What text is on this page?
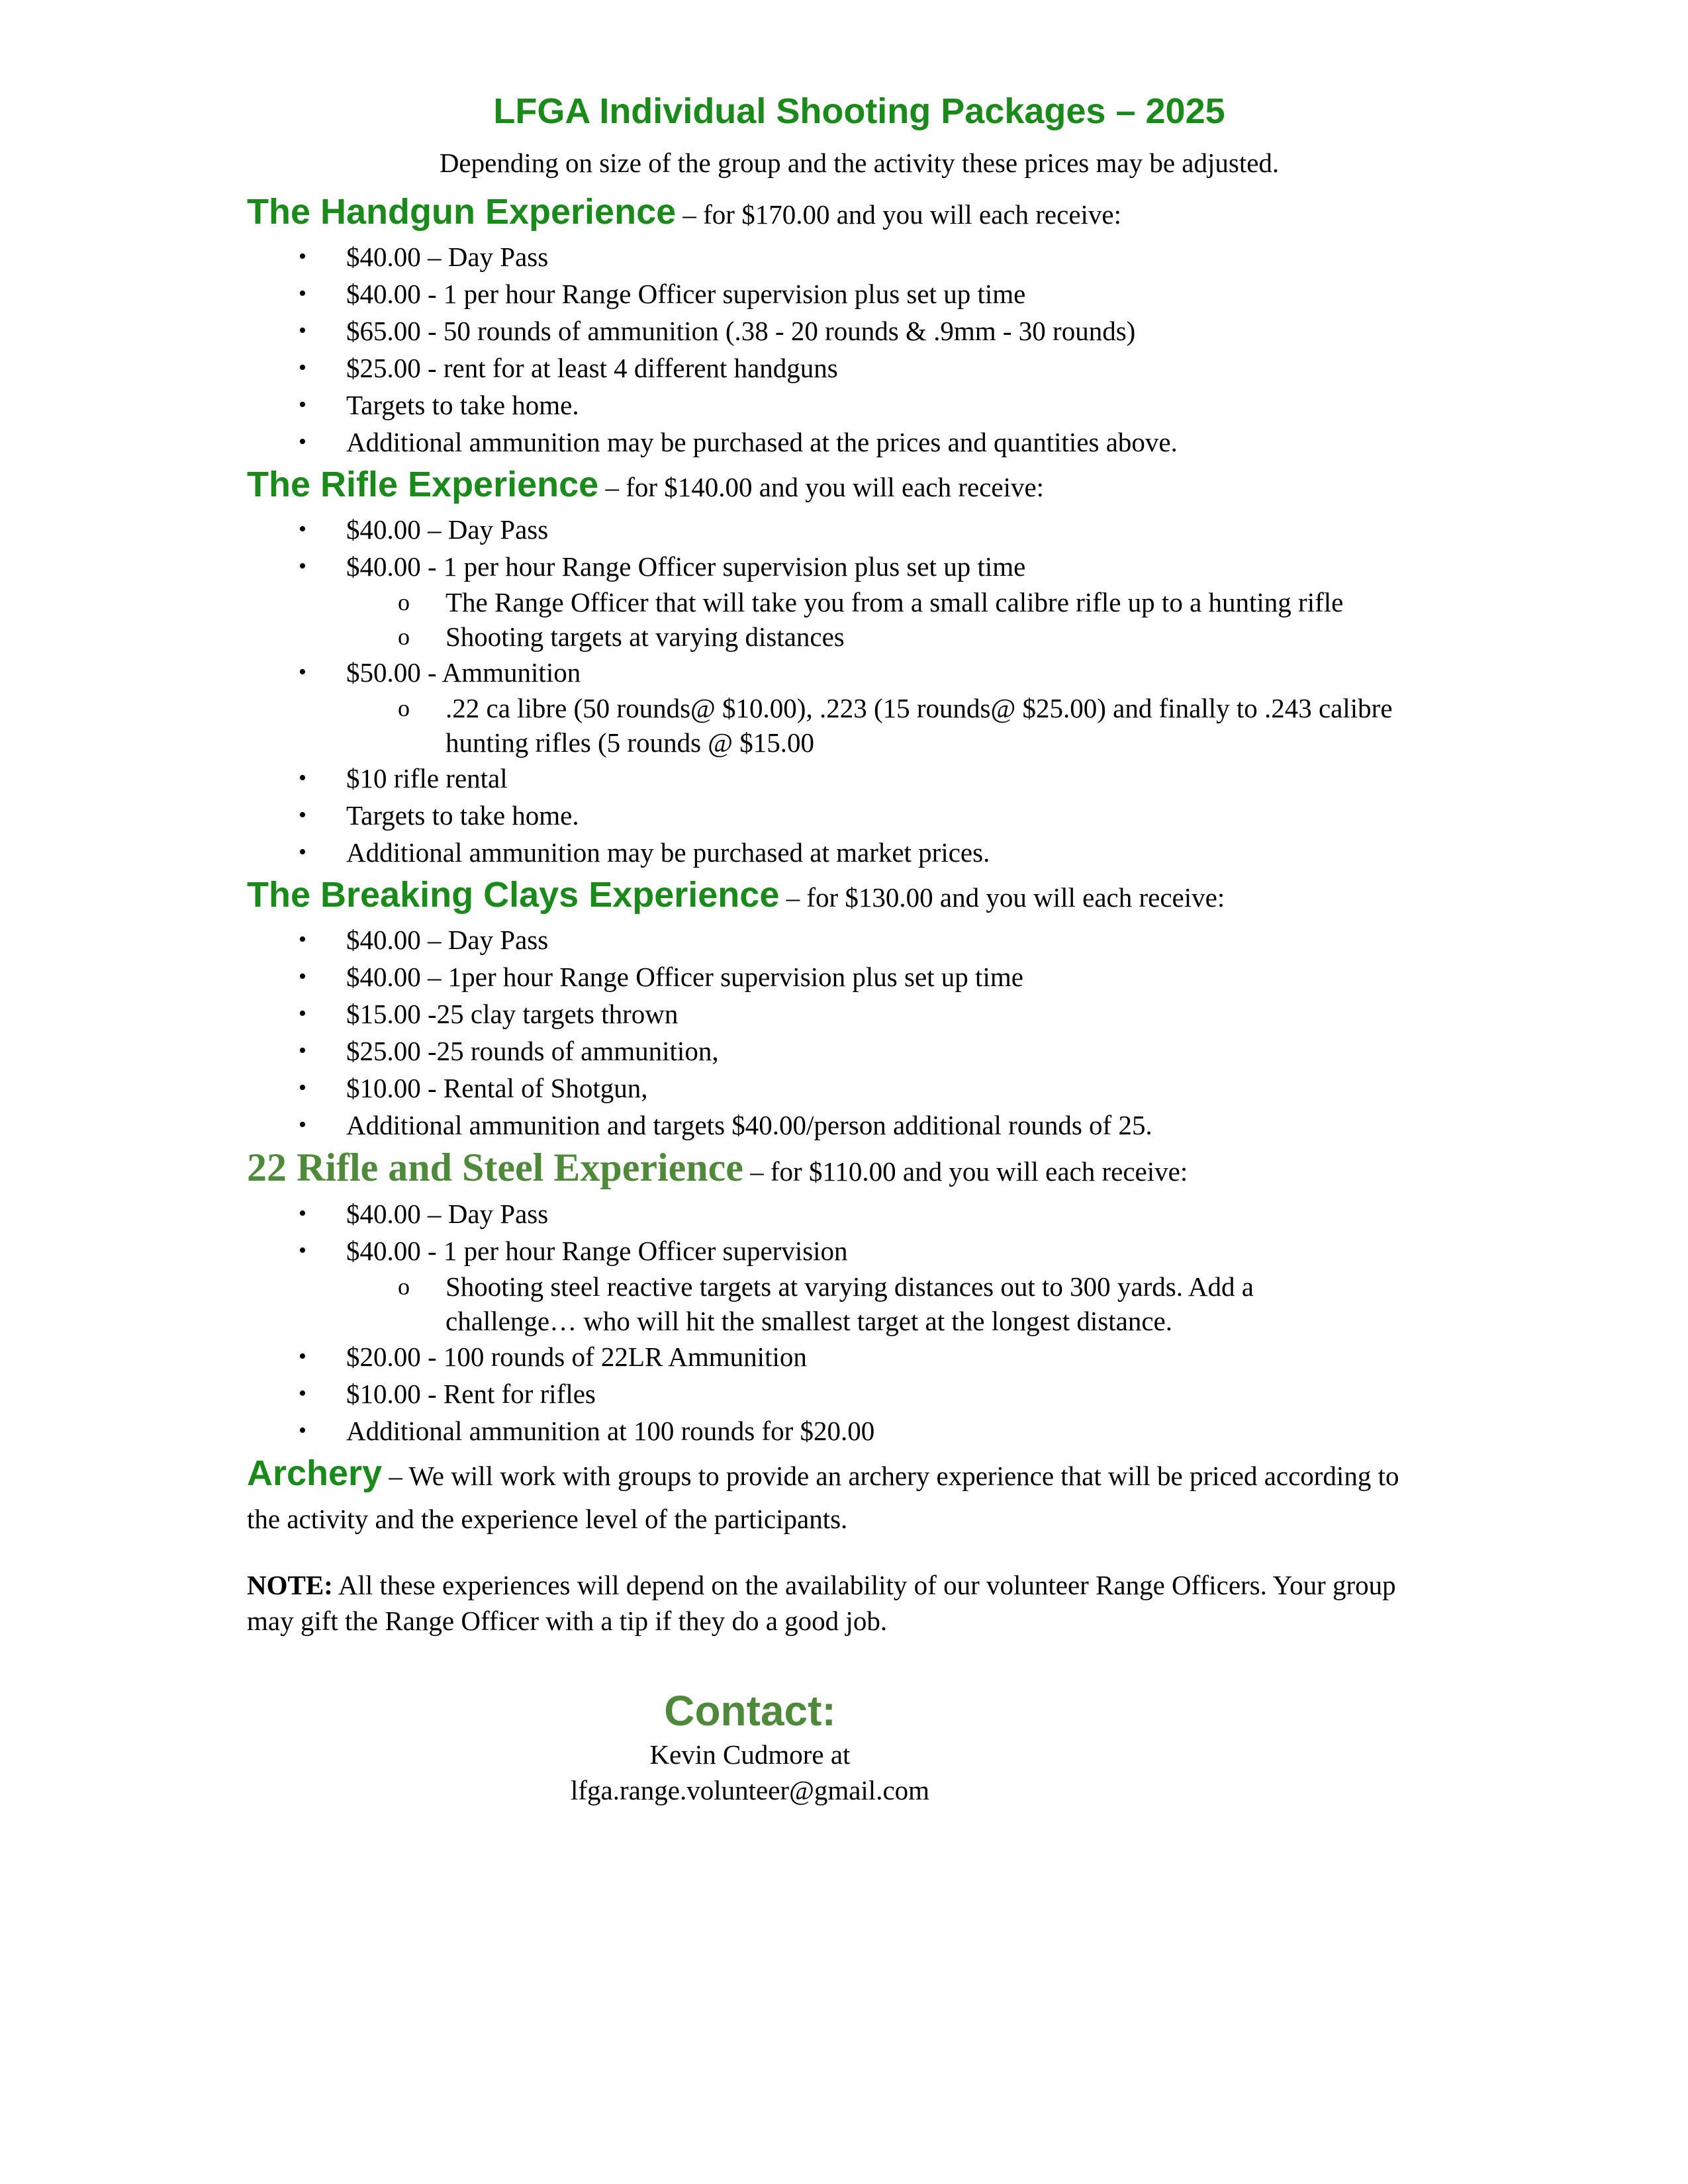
LFGA Individual Shooting Packages – 2025

Depending on size of the group and the activity these prices may be adjusted.

The Handgun Experience – for $170.00 and you will each receive:

• $40.00 – Day Pass
• $40.00 - 1 per hour Range Officer supervision plus set up time
• $65.00 - 50 rounds of ammunition (.38 - 20 rounds & .9mm - 30 rounds)
• $25.00 - rent for at least 4 different handguns
• Targets to take home.
• Additional ammunition may be purchased at the prices and quantities above.

The Rifle Experience – for $140.00 and you will each receive:

• $40.00 – Day Pass
• $40.00 - 1 per hour Range Officer supervision plus set up time
o The Range Officer that will take you from a small calibre rifle up to a hunting rifle
o Shooting targets at varying distances
• $50.00 - Ammunition
o .22 ca libre (50 rounds@ $10.00), .223 (15 rounds@ $25.00) and finally to .243 calibre hunting rifles (5 rounds @ $15.00
• $10 rifle rental
• Targets to take home.
• Additional ammunition may be purchased at market prices.

The Breaking Clays Experience – for $130.00 and you will each receive:

• $40.00 – Day Pass
• $40.00 – 1per hour Range Officer supervision plus set up time
• $15.00 -25 clay targets thrown
• $25.00 -25 rounds of ammunition,
• $10.00 - Rental of Shotgun,
• Additional ammunition and targets $40.00/person additional rounds of 25.

22 Rifle and Steel Experience – for $110.00 and you will each receive:

• $40.00 – Day Pass
• $40.00 - 1 per hour Range Officer supervision
o Shooting steel reactive targets at varying distances out to 300 yards. Add a challenge… who will hit the smallest target at the longest distance.
• $20.00 - 100 rounds of 22LR Ammunition
• $10.00 - Rent for rifles
• Additional ammunition at 100 rounds for $20.00

Archery – We will work with groups to provide an archery experience that will be priced according to the activity and the experience level of the participants.

NOTE: All these experiences will depend on the availability of our volunteer Range Officers. Your group may gift the Range Officer with a tip if they do a good job.

Contact:
Kevin Cudmore at
lfga.range.volunteer@gmail.com
